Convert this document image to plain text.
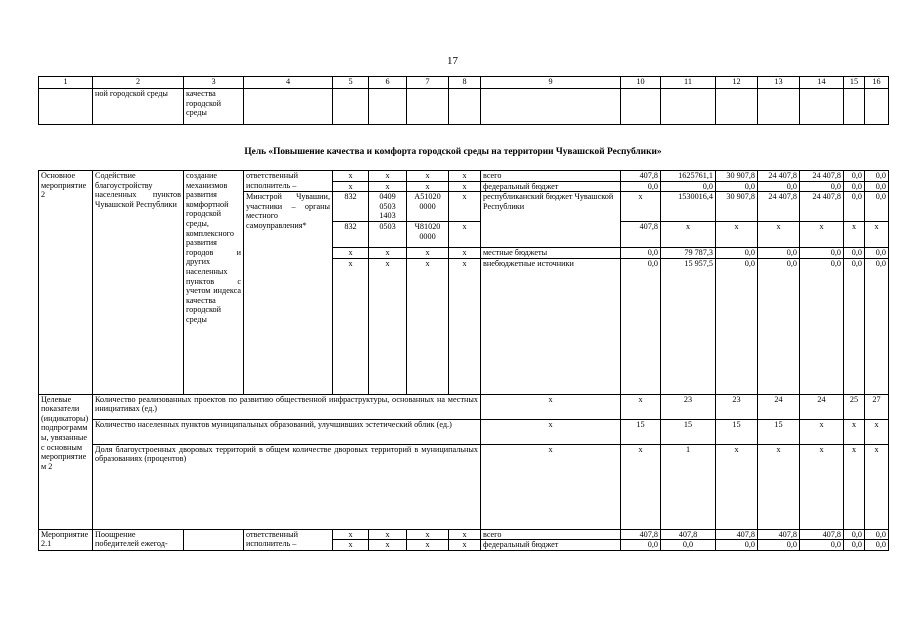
17
1	2	3	4	5	6	7	8	9	10	11	12	13	14	15	16
	ной городской среды	качества городской среды													
Цель «Повышение качества и комфорта городской среды на территории Чувашской Республики»
Основное мероприятие 2	Содействие благоустройству населенных пунктов Чувашской Республики	создание механизмов развития комфортной городской среды, комплексного развития городов и других населенных пунктов с учетом индекса качества городской среды	ответственный исполнитель –	x	x	x	x	всего	407,8	1625761,1	30 907,8	24 407,8	24 407,8	0,0	0,0
				x	x	x	x	федеральный бюджет	0,0	0,0	0,0	0,0	0,0	0,0	0,0
			Минстрой Чувашии, участники – органы местного самоуправления*	832	0409 0503 1403	A51020 0000	x	республиканский бюджет Чувашской Республики	x	1530016,4	30 907,8	24 407,8	24 407,8	0,0	0,0
				832	0503	Ч81020 0000	x		407,8	x	x	x	x	x	x
				x	x	x	x	местные бюджеты	0,0	79 787,3	0,0	0,0	0,0	0,0	0,0
				x	x	x	x	внебюджетные источники	0,0	15 957,5	0,0	0,0	0,0	0,0	0,0
Целевые показатели (индикаторы) подпрограммы, увязанные с основным мероприятием 2	Количество реализованных проектов по развитию общественной инфраструктуры, основанных на местных инициативах (ед.)							x	x	23	23	24	24	25	27
	Количество населенных пунктов муниципальных образований, улучшивших эстетический облик (ед.)							x	15	15	15	15	x	x	x
	Доля благоустроенных дворовых территорий в общем количестве дворовых территорий в муниципальных образованиях (процентов)							x	x	1	x	x	x	x	x
Мероприятие 2.1	Поощрение победителей ежегод-		ответственный исполнитель –	x	x	x	x	всего	407,8	407,8	407,8	407,8	407,8	0,0	0,0
				x	x	x	x	федеральный бюджет	0,0	0,0	0,0	0,0	0,0	0,0	0,0
